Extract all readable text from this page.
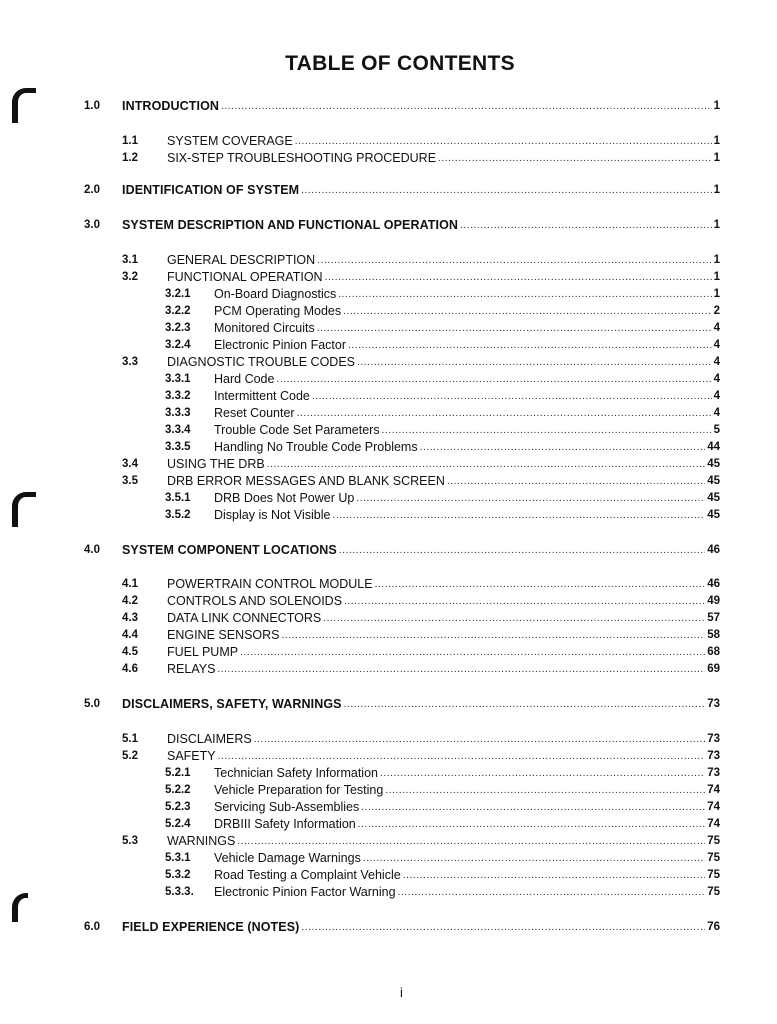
TABLE OF CONTENTS
1.0 INTRODUCTION .....	1
1.1 SYSTEM COVERAGE .....	1
1.2 SIX-STEP TROUBLESHOOTING PROCEDURE .....	1
2.0 IDENTIFICATION OF SYSTEM .....	1
3.0 SYSTEM DESCRIPTION AND FUNCTIONAL OPERATION .....	1
3.1 GENERAL DESCRIPTION .....	1
3.2 FUNCTIONAL OPERATION .....	1
3.2.1 On-Board Diagnostics .....	1
3.2.2 PCM Operating Modes .....	2
3.2.3 Monitored Circuits .....	4
3.2.4 Electronic Pinion Factor .....	4
3.3 DIAGNOSTIC TROUBLE CODES .....	4
3.3.1 Hard Code .....	4
3.3.2 Intermittent Code .....	4
3.3.3 Reset Counter .....	4
3.3.4 Trouble Code Set Parameters .....	5
3.3.5 Handling No Trouble Code Problems .....	44
3.4 USING THE DRB .....	45
3.5 DRB ERROR MESSAGES AND BLANK SCREEN .....	45
3.5.1 DRB Does Not Power Up .....	45
3.5.2 Display is Not Visible .....	45
4.0 SYSTEM COMPONENT LOCATIONS .....	46
4.1 POWERTRAIN CONTROL MODULE .....	46
4.2 CONTROLS AND SOLENOIDS .....	49
4.3 DATA LINK CONNECTORS .....	57
4.4 ENGINE SENSORS .....	58
4.5 FUEL PUMP .....	68
4.6 RELAYS .....	69
5.0 DISCLAIMERS, SAFETY, WARNINGS .....	73
5.1 DISCLAIMERS .....	73
5.2 SAFETY .....	73
5.2.1 Technician Safety Information .....	73
5.2.2 Vehicle Preparation for Testing .....	74
5.2.3 Servicing Sub-Assemblies .....	74
5.2.4 DRBIII Safety Information .....	74
5.3 WARNINGS .....	75
5.3.1 Vehicle Damage Warnings .....	75
5.3.2 Road Testing a Complaint Vehicle .....	75
5.3.3. Electronic Pinion Factor Warning .....	75
6.0 FIELD EXPERIENCE (NOTES) .....	76
i
